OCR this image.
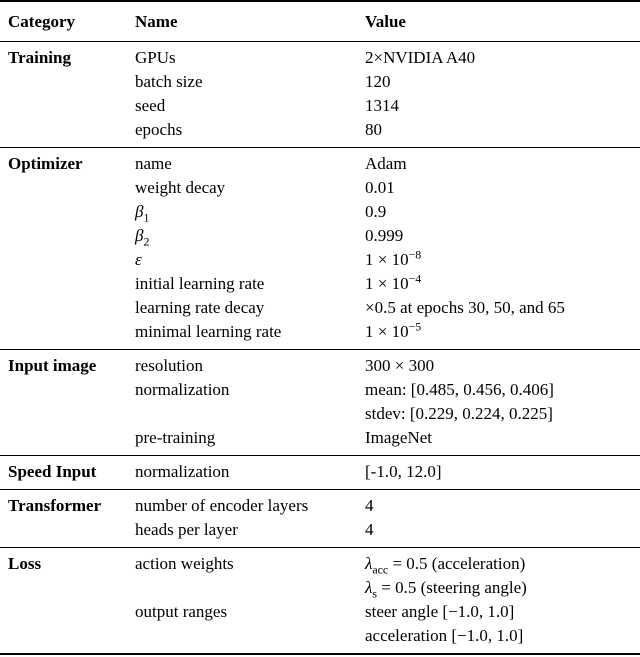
Category	Name	Value
Training	GPUs	2×NVIDIA A40
	batch size	120
	seed	1314
	epochs	80
Optimizer	name	Adam
	weight decay	0.01
	$\beta_1$	0.9
	$\beta_2$	0.999
	ε	$1 \times 10^{-8}$
	initial learning rate	$1 \times 10^{-4}$
	learning rate decay	×0.5 at epochs 30, 50, and 65
	minimal learning rate	$1 \times 10^{-5}$
Input image	resolution	300 × 300
	normalization	mean: [0.485, 0.456, 0.406]
		stdev: [0.229, 0.224, 0.225]
	pre-training	ImageNet
Speed Input	normalization	[-1.0, 12.0]
Transformer	number of encoder layers	4
	heads per layer	4
Loss	action weights	$\lambda_{acc} = 0.5$ (acceleration)
		$\lambda_s = 0.5$ (steering angle)
	output ranges	steer angle [−1.0, 1.0]
		acceleration [−1.0, 1.0]
